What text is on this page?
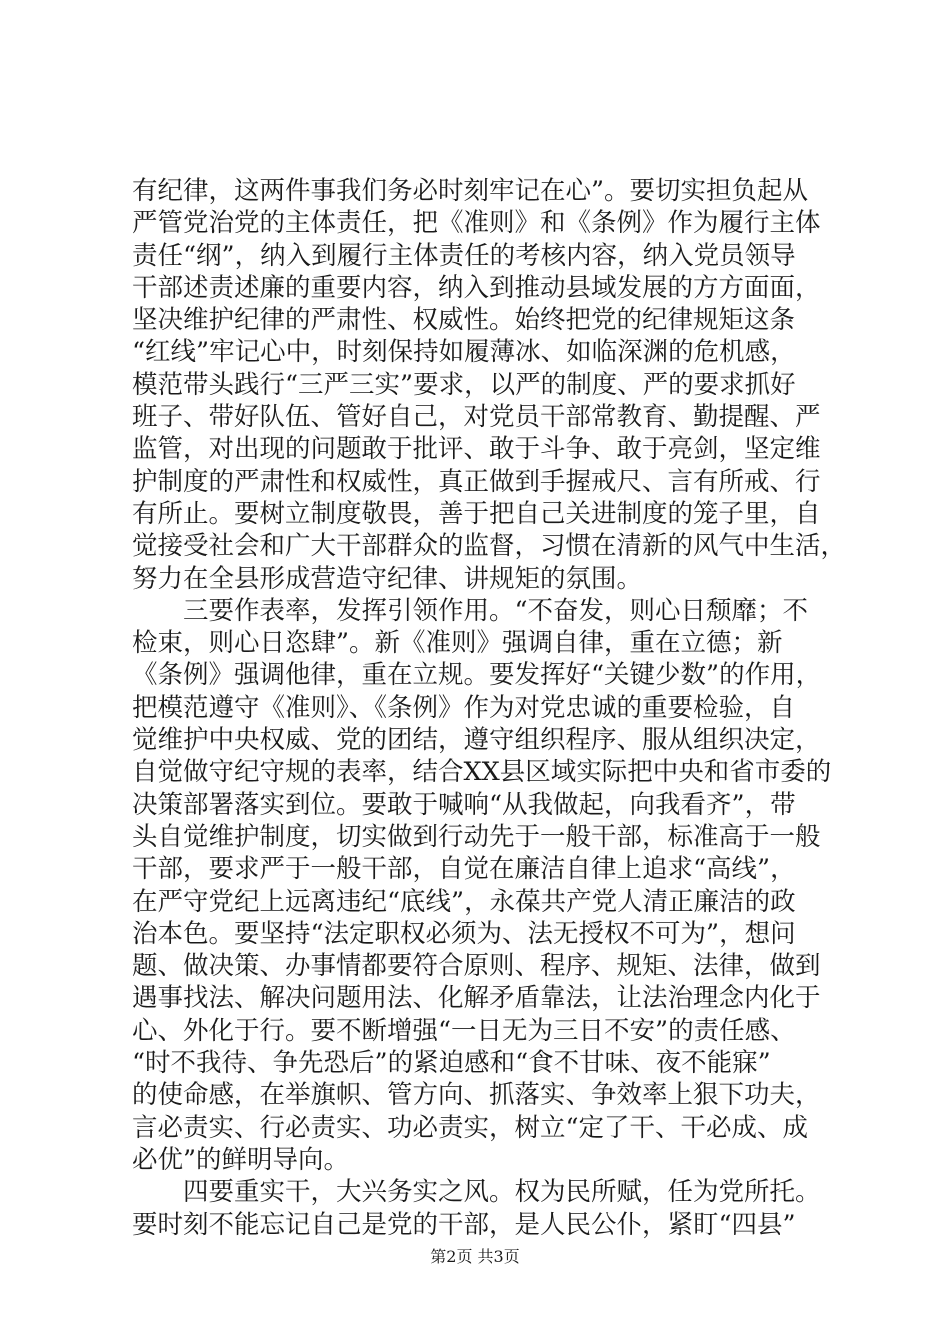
有纪律，这两件事我们务必时刻牢记在心”。要切实担负起从
严管党治党的主体责任，把《准则》和《条例》作为履行主体
责任“纲”，纳入到履行主体责任的考核内容，纳入党员领导
干部述责述廉的重要内容，纳入到推动县域发展的方方面面，
坚决维护纪律的严肃性、权威性。始终把党的纪律规矩这条
“红线”牢记心中，时刻保持如履薄冰、如临深渊的危机感，
模范带头践行“三严三实”要求，以严的制度、严的要求抓好
班子、带好队伍、管好自己，对党员干部常教育、勤提醒、严
监管，对出现的问题敢于批评、敢于斗争、敢于亮剑，坚定维
护制度的严肃性和权威性，真正做到手握戒尺、言有所戒、行
有所止。要树立制度敬畏，善于把自己关进制度的笼子里，自
觉接受社会和广大干部群众的监督，习惯在清新的风气中生活，
努力在全县形成营造守纪律、讲规矩的氛围。
　　三要作表率，发挥引领作用。“不奋发，则心日颓靡；不
检束，则心日恣肆”。新《准则》强调自律，重在立德；新
《条例》强调他律，重在立规。要发挥好“关键少数”的作用，
把模范遵守《准则》、《条例》作为对党忠诚的重要检验，自
觉维护中央权威、党的团结，遵守组织程序、服从组织决定，
自觉做守纪守规的表率，结合XX县区域实际把中央和省市委的
决策部署落实到位。要敢于喊响“从我做起，向我看齐”，带
头自觉维护制度，切实做到行动先于一般干部，标准高于一般
干部，要求严于一般干部，自觉在廉洁自律上追求“高线”，
在严守党纪上远离违纪“底线”，永葆共产党人清正廉洁的政
治本色。要坚持“法定职权必须为、法无授权不可为”，想问
题、做决策、办事情都要符合原则、程序、规矩、法律，做到
遇事找法、解决问题用法、化解矛盾靠法，让法治理念内化于
心、外化于行。要不断增强“一日无为三日不安”的责任感、
“时不我待、争先恐后”的紧迫感和“食不甘味、夜不能寐”
的使命感，在举旗帜、管方向、抓落实、争效率上狠下功夫，
言必责实、行必责实、功必责实，树立“定了干、干必成、成
必优”的鲜明导向。
　　四要重实干，大兴务实之风。权为民所赋，任为党所托。
要时刻不能忘记自己是党的干部，是人民公仆，紧盯“四县”
第2页 共3页
